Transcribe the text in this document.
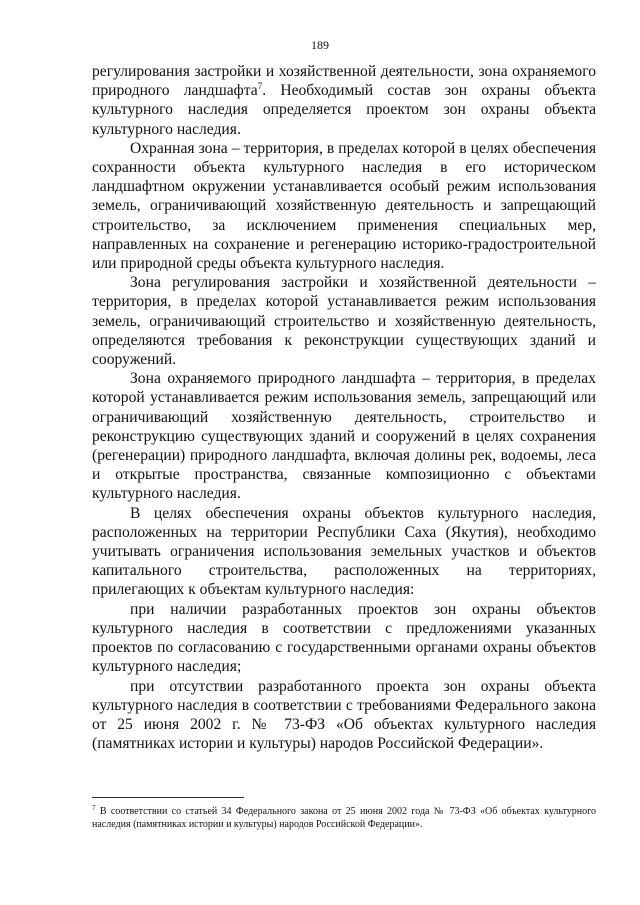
189

регулирования застройки и хозяйственной деятельности, зона охраняемого природного ландшафта$^7$. Необходимый состав зон охраны объекта культурного наследия определяется проектом зон охраны объекта культурного наследия.

Охранная зона – территория, в пределах которой в целях обеспечения сохранности объекта культурного наследия в его историческом ландшафтном окружении устанавливается особый режим использования земель, ограничивающий хозяйственную деятельность и запрещающий строительство, за исключением применения специальных мер, направленных на сохранение и регенерацию историко-градостроительной или природной среды объекта культурного наследия.

Зона регулирования застройки и хозяйственной деятельности – территория, в пределах которой устанавливается режим использования земель, ограничивающий строительство и хозяйственную деятельность, определяются требования к реконструкции существующих зданий и сооружений.

Зона охраняемого природного ландшафта – территория, в пределах которой устанавливается режим использования земель, запрещающий или ограничивающий хозяйственную деятельность, строительство и реконструкцию существующих зданий и сооружений в целях сохранения (регенерации) природного ландшафта, включая долины рек, водоемы, леса и открытые пространства, связанные композиционно с объектами культурного наследия.

В целях обеспечения охраны объектов культурного наследия, расположенных на территории Республики Саха (Якутия), необходимо учитывать ограничения использования земельных участков и объектов капитального строительства, расположенных на территориях, прилегающих к объектам культурного наследия:

при наличии разработанных проектов зон охраны объектов культурного наследия в соответствии с предложениями указанных проектов по согласованию с государственными органами охраны объектов культурного наследия;

при отсутствии разработанного проекта зон охраны объекта культурного наследия в соответствии с требованиями Федерального закона от 25 июня 2002 г. № 73-ФЗ «Об объектах культурного наследия (памятниках истории и культуры) народов Российской Федерации».

$^7$ В соответствии со статьей 34 Федерального закона от 25 июня 2002 года № 73-ФЗ «Об объектах культурного наследия (памятниках истории и культуры) народов Российской Федерации».
